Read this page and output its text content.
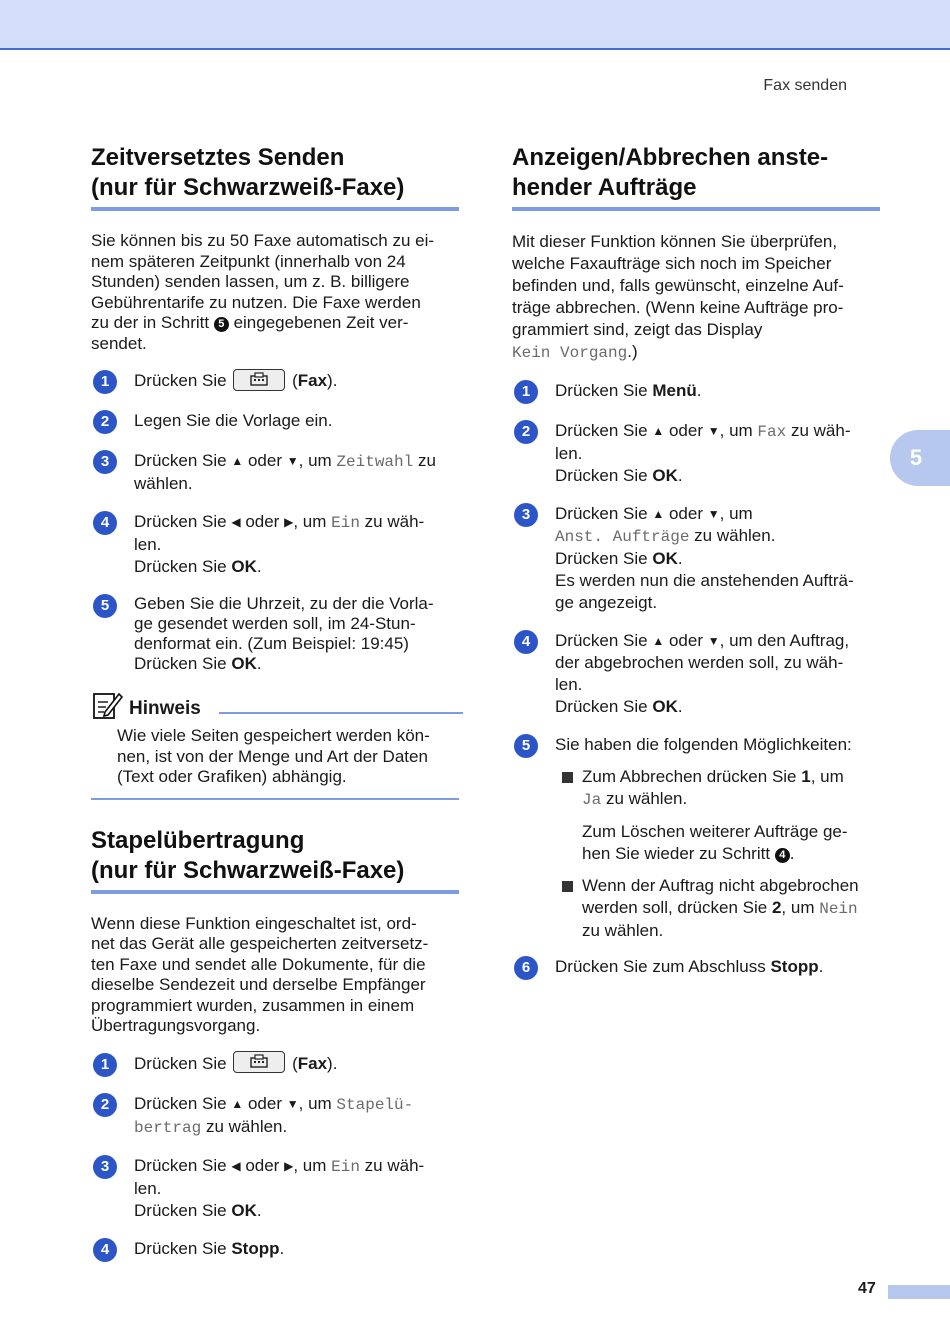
Fax senden
5
Zeitversetztes Senden
(nur für Schwarzweiß-Faxe)

Sie können bis zu 50 Faxe automatisch zu ei-
nem späteren Zeitpunkt (innerhalb von 24
Stunden) senden lassen, um z. B. billigere
Gebührentarife zu nutzen. Die Faxe werden
zu der in Schritt 5 eingegebenen Zeit ver-
sendet.

1	Drücken Sie	(Fax).

2	Legen Sie die Vorlage ein.

3	Drücken Sie ▲ oder ▼, um Zeitwahl zu
wählen.

4	Drücken Sie ◀ oder ▶, um Ein zu wäh-
len.
Drücken Sie OK.

5	Geben Sie die Uhrzeit, zu der die Vorla-
ge gesendet werden soll, im 24-Stun-
denformat ein. (Zum Beispiel: 19:45)
Drücken Sie OK.

Hinweis

Wie viele Seiten gespeichert werden kön-
nen, ist von der Menge und Art der Daten
(Text oder Grafiken) abhängig.

Stapelübertragung
(nur für Schwarzweiß-Faxe)

Wenn diese Funktion eingeschaltet ist, ord-
net das Gerät alle gespeicherten zeitversetz-
ten Faxe und sendet alle Dokumente, für die
dieselbe Sendezeit und derselbe Empfänger
programmiert wurden, zusammen in einem
Übertragungsvorgang.

1	Drücken Sie	(Fax).

2	Drücken Sie ▲ oder ▼, um Stapelü-
bertrag zu wählen.

3	Drücken Sie ◀ oder ▶, um Ein zu wäh-
len.
Drücken Sie OK.

4	Drücken Sie Stopp.

Anzeigen/Abbrechen anste-
hender Aufträge

Mit dieser Funktion können Sie überprüfen,
welche Faxaufträge sich noch im Speicher
befinden und, falls gewünscht, einzelne Auf-
träge abbrechen. (Wenn keine Aufträge pro-
grammiert sind, zeigt das Display
Kein Vorgang.)

1	Drücken Sie Menü.

2	Drücken Sie ▲ oder ▼, um Fax zu wäh-
len.
Drücken Sie OK.

3	Drücken Sie ▲ oder ▼, um
Anst. Aufträge zu wählen.
Drücken Sie OK.
Es werden nun die anstehenden Aufträ-
ge angezeigt.

4	Drücken Sie ▲ oder ▼, um den Auftrag,
der abgebrochen werden soll, zu wäh-
len.
Drücken Sie OK.

5	Sie haben die folgenden Möglichkeiten:

Zum Abbrechen drücken Sie 1, um
Ja zu wählen.

Zum Löschen weiterer Aufträge ge-
hen Sie wieder zu Schritt 4 .

Wenn der Auftrag nicht abgebrochen
werden soll, drücken Sie 2, um Nein
zu wählen.

6	Drücken Sie zum Abschluss Stopp.

47
